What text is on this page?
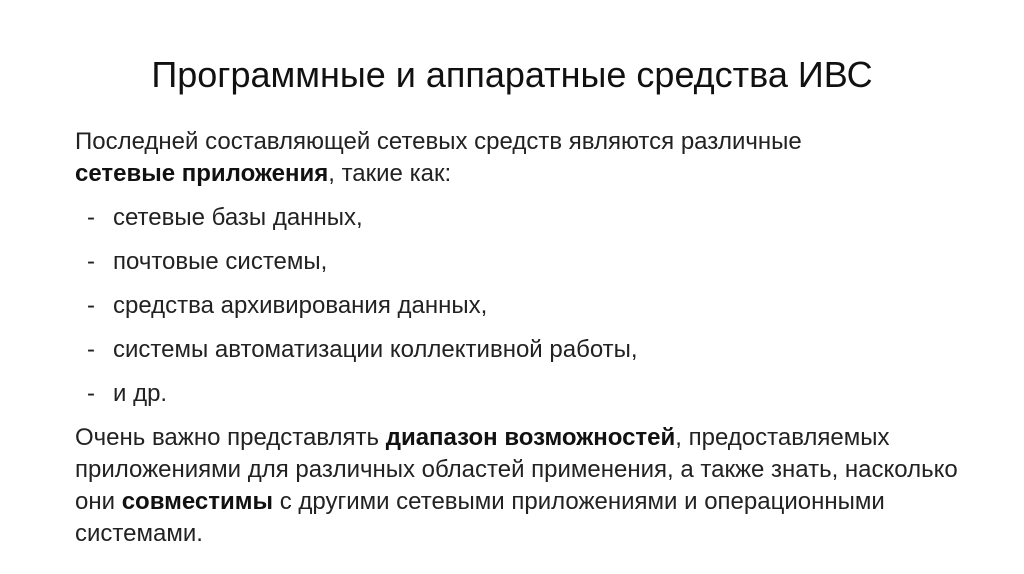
Программные и аппаратные средства ИВС

Последней составляющей сетевых средств являются различные
сетевые приложения, такие как:

- сетевые базы данных,
- почтовые системы,
- средства архивирования данных,
- системы автоматизации коллективной работы,
- и др.

Очень важно представлять диапазон возможностей, предоставляемых приложениями для различных областей применения, а также знать, насколько они совместимы с другими сетевыми приложениями и операционными системами.
